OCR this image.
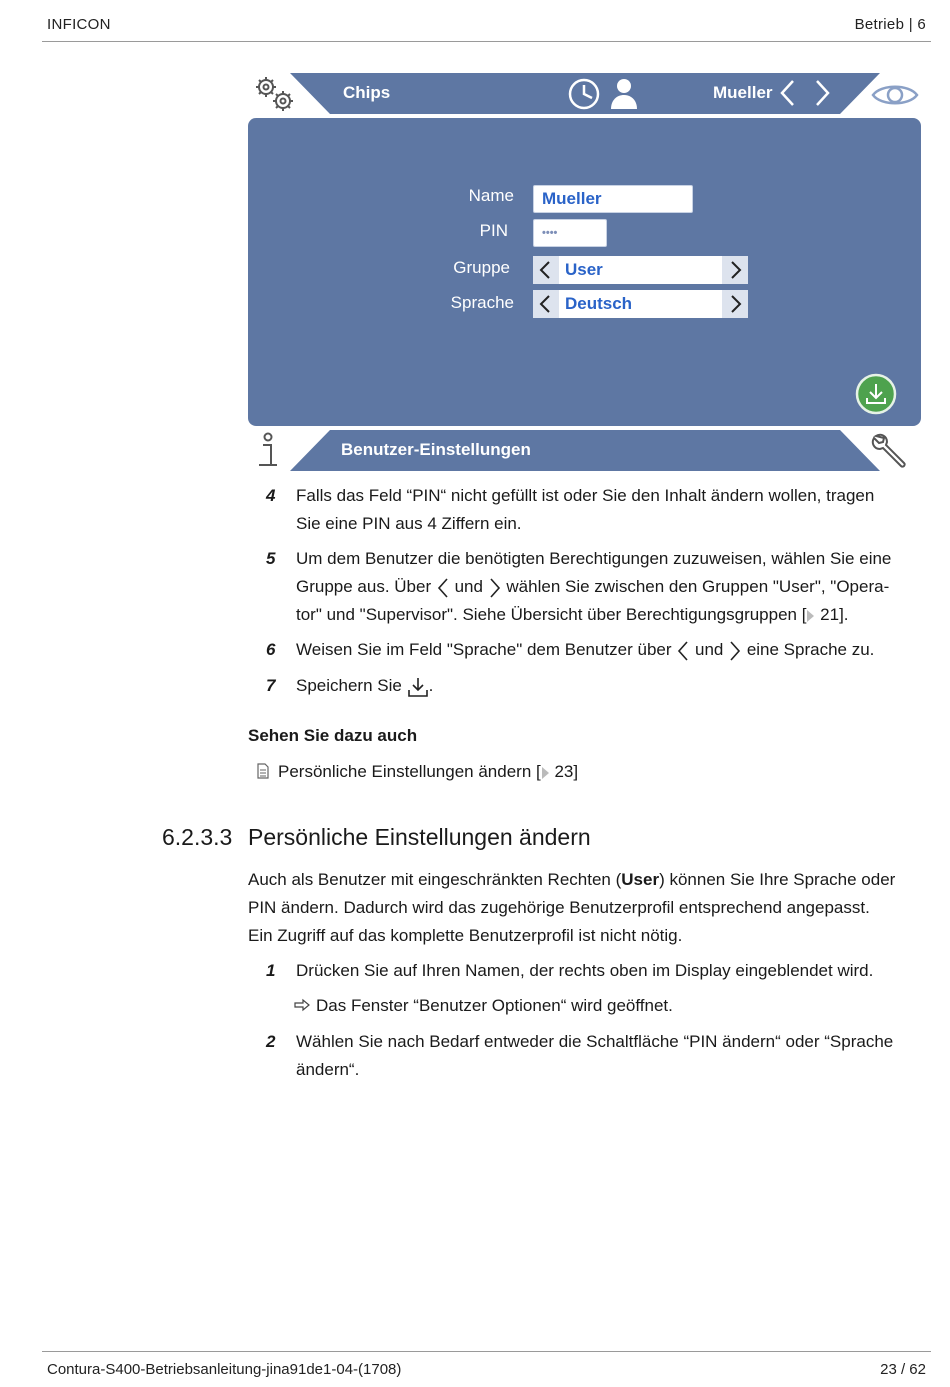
INFICON	Betrieb | 6
Chips	Mueller
Name	Mueller
PIN	••••
Gruppe	User
Sprache	Deutsch
Benutzer-Einstellungen
4 Falls das Feld “PIN“ nicht gefüllt ist oder Sie den Inhalt ändern wollen, tragen
Sie eine PIN aus 4 Ziffern ein.
5 Um dem Benutzer die benötigten Berechtigungen zuzuweisen, wählen Sie eine
Gruppe aus. Über  und  wählen Sie zwischen den Gruppen "User", "Opera-
tor" und "Supervisor". Siehe Übersicht über Berechtigungsgruppen [ 21].
6 Weisen Sie im Feld "Sprache" dem Benutzer über  und  eine Sprache zu.
7 Speichern Sie .
Sehen Sie dazu auch
Persönliche Einstellungen ändern [ 23]
6.2.3.3 Persönliche Einstellungen ändern
Auch als Benutzer mit eingeschränkten Rechten (User) können Sie Ihre Sprache oder
PIN ändern. Dadurch wird das zugehörige Benutzerprofil entsprechend angepasst.
Ein Zugriff auf das komplette Benutzerprofil ist nicht nötig.
1 Drücken Sie auf Ihren Namen, der rechts oben im Display eingeblendet wird.
Das Fenster “Benutzer Optionen“ wird geöffnet.
2 Wählen Sie nach Bedarf entweder die Schaltfläche “PIN ändern“ oder “Sprache
ändern“.
Contura-S400-Betriebsanleitung-jina91de1-04-(1708)	23 / 62
